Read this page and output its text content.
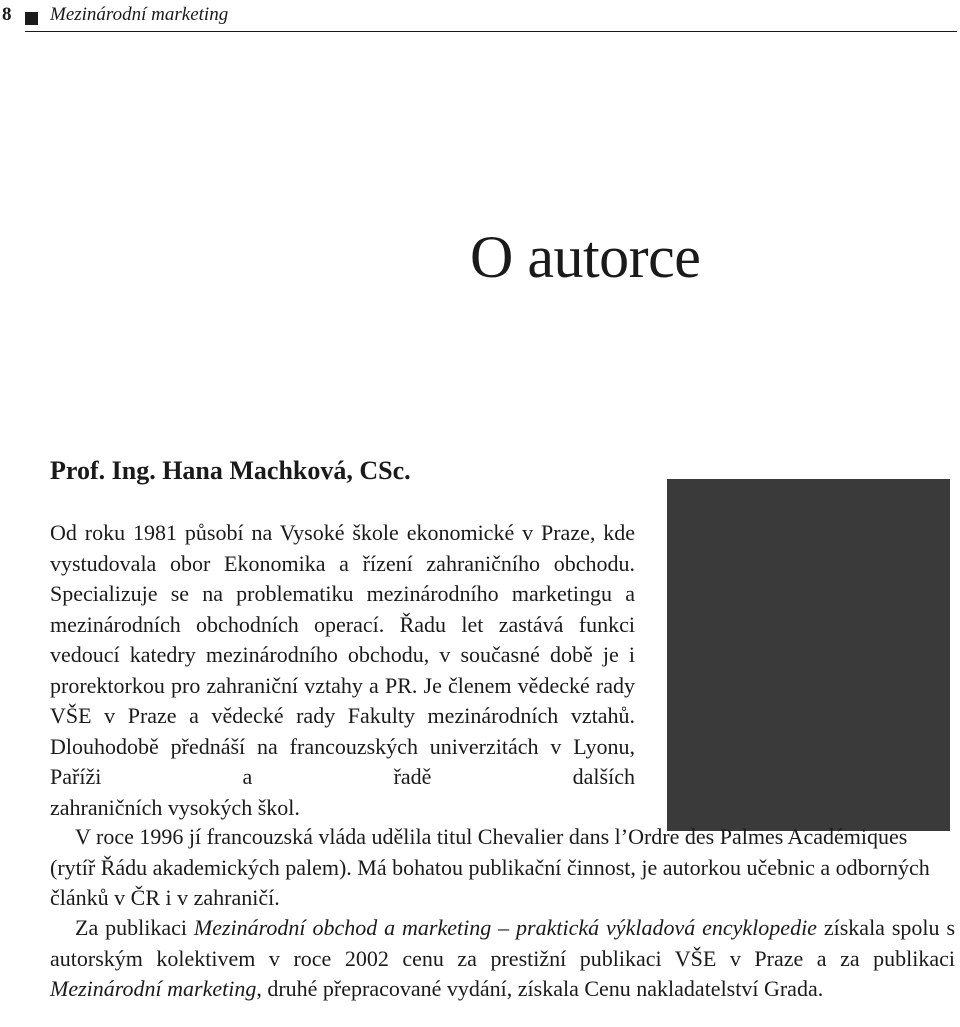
8 Mezinárodní marketing
O autorce
Prof. Ing. Hana Machková, CSc.

Od roku 1981 působí na Vysoké škole ekonomické v Praze, kde vystudovala obor Ekonomika a řízení zahraničního obchodu. Specializuje se na problematiku mezinárodního marketingu a mezinárodních obchodních operací. Řadu let zastává funkci vedoucí katedry mezinárodního obchodu, v současné době je i prorektorkou pro zahraniční vztahy a PR. Je členem vědecké rady VŠE v Praze a vědecké rady Fakulty mezinárodních vztahů. Dlouhodobě přednáší na francouzských univerzitách v Lyonu, Paříži a řadě dalších
zahraničních vysokých škol.

V roce 1996 jí francouzská vláda udělila titul Chevalier dans l’Ordre des Palmes Académiques (rytíř Řádu akademických palem). Má bohatou publikační činnost, je autorkou učebnic a odborných článků v ČR i v zahraničí.

Za publikaci Mezinárodní obchod a marketing – praktická výkladová encyklopedie získala spolu s autorským kolektivem v roce 2002 cenu za prestižní publikaci VŠE v Praze a za publikaci Mezinárodní marketing, druhé přepracované vydání, získala Cenu nakladatelství Grada.
